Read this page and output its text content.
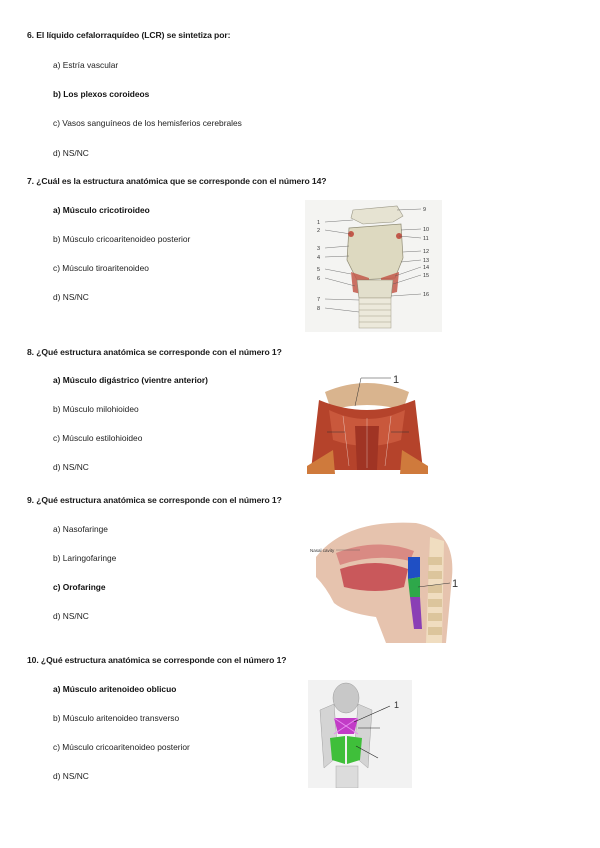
6. El líquido cefalorraquídeo (LCR) se sintetiza por:
a) Estría vascular
b) Los plexos coroideos
c) Vasos sanguíneos de los hemisferios cerebrales
d) NS/NC
7. ¿Cuál es la estructura anatómica que se corresponde con el número 14?
a) Músculo cricotiroideo
b) Músculo cricoaritenoideo posterior
c) Músculo tiroaritenoideo
d) NS/NC
1
2
3
4
5
6
7
8
9
10
11
12
13
14
15
16
8. ¿Qué estructura anatómica se corresponde con el número 1?
a) Músculo digástrico (vientre anterior)
b) Músculo milohioideo
c) Músculo estilohioideo
d) NS/NC
1
9. ¿Qué estructura anatómica se corresponde con el número 1?
a) Nasofaringe
b) Laringofaringe
c) Orofaringe
d) NS/NC
Nasal cavity
1
10. ¿Qué estructura anatómica se corresponde con el número 1?
a) Músculo aritenoideo oblicuo
b) Músculo aritenoideo transverso
c) Músculo cricoaritenoideo posterior
d) NS/NC
1
